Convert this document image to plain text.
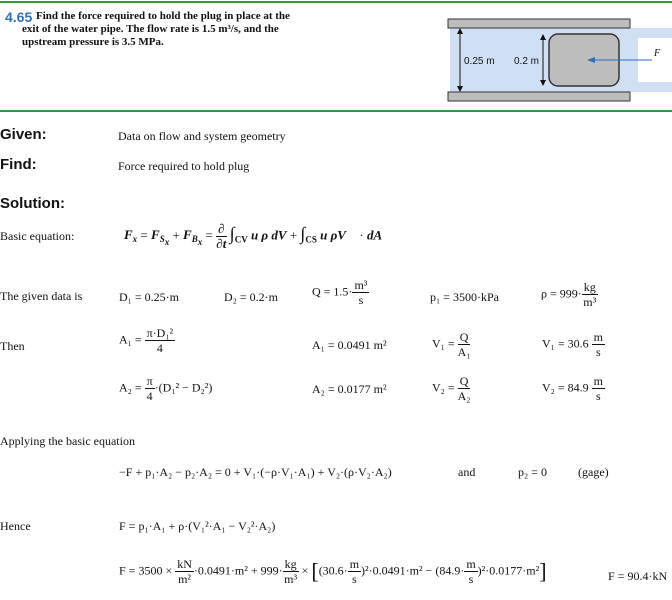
4.65 Find the force required to hold the plug in place at the
exit of the water pipe. The flow rate is 1.5 m³/s, and the
upstream pressure is 3.5 MPa.
0.25 m 0.2 m
F
Given:	Data on flow and system geometry
Find:	Force required to hold plug
Solution:
Basic equation:	$F_x = F_{S_x} + F_{B_x} = \frac{\partial}{\partial t} \int_{CV}$ u ρ dV + $\int_{CS}$ u ρV⃗ · dA⃗
The given data is	D₁ = 0.25·m	D₂ = 0.2·m	$Q = 1.5\cdot \frac{\text{m³}}{s}$	p₁ = 3500·kPa	$\rho = 999\cdot \frac{kg}{\text{m³}}$
Then	$A_1 = \frac{\text{π·D₁²}}{4}$	A₁ = 0.0491 m²	$V_1 = \frac{Q}{\text{A₁}}$	$V_1 = 30.6 \frac{m}{s}$
$A_2 = \frac{\pi}{4} \cdot(D_1^2 - D_2^2)$	A₂ = 0.0177 m²	$V_2 = \frac{Q}{\text{A₂}}$	$V_2 = 84.9 \frac{m}{s}$
Applying the basic equation
−F + p₁·A₂ − p₂·A₂ = 0 + V₁·(−ρ·V₁·A₁) + V₂·(ρ·V₂·A₂)	and	p₂ = 0	(gage)
Hence	F = p₁·A₁ + ρ·(V₁²·A₁ − V₂²·A₂)
$F = 3500 \times \frac{kN}{\text{m²}} \cdot 0.0491\cdot m^2 + 999\cdot \frac{kg}{\text{m³}} \times [(30.6\cdot \frac{m}{s} )^2\cdot 0.0491\cdot m^2 - (84.9\cdot \frac{m}{s} )^2\cdot 0.0177\cdot m^2]$	F = 90.4·kN
